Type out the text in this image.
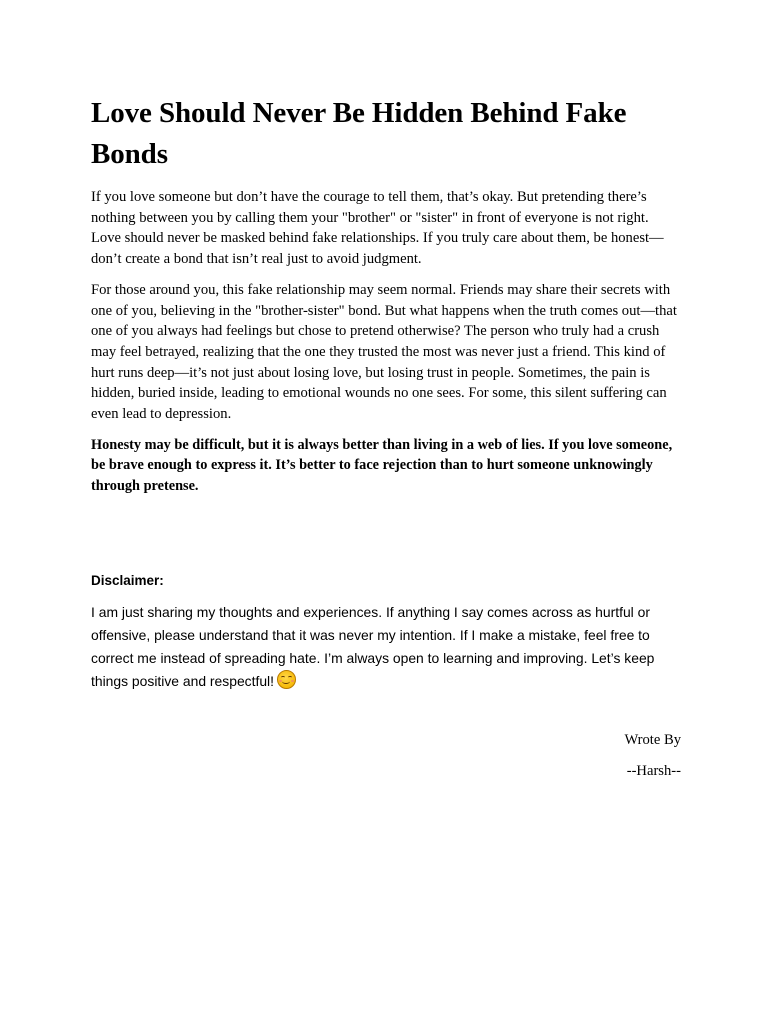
Love Should Never Be Hidden Behind Fake Bonds

If you love someone but don’t have the courage to tell them, that’s okay. But pretending there’s nothing between you by calling them your "brother" or "sister" in front of everyone is not right. Love should never be masked behind fake relationships. If you truly care about them, be honest—don’t create a bond that isn’t real just to avoid judgment.

For those around you, this fake relationship may seem normal. Friends may share their secrets with one of you, believing in the "brother-sister" bond. But what happens when the truth comes out—that one of you always had feelings but chose to pretend otherwise? The person who truly had a crush may feel betrayed, realizing that the one they trusted the most was never just a friend. This kind of hurt runs deep—it’s not just about losing love, but losing trust in people. Sometimes, the pain is hidden, buried inside, leading to emotional wounds no one sees. For some, this silent suffering can even lead to depression.

Honesty may be difficult, but it is always better than living in a web of lies. If you love someone, be brave enough to express it. It’s better to face rejection than to hurt someone unknowingly through pretense.

Disclaimer:

I am just sharing my thoughts and experiences. If anything I say comes across as hurtful or offensive, please understand that it was never my intention. If I make a mistake, feel free to correct me instead of spreading hate. I’m always open to learning and improving. Let’s keep things positive and respectful!

Wrote By
--Harsh--
